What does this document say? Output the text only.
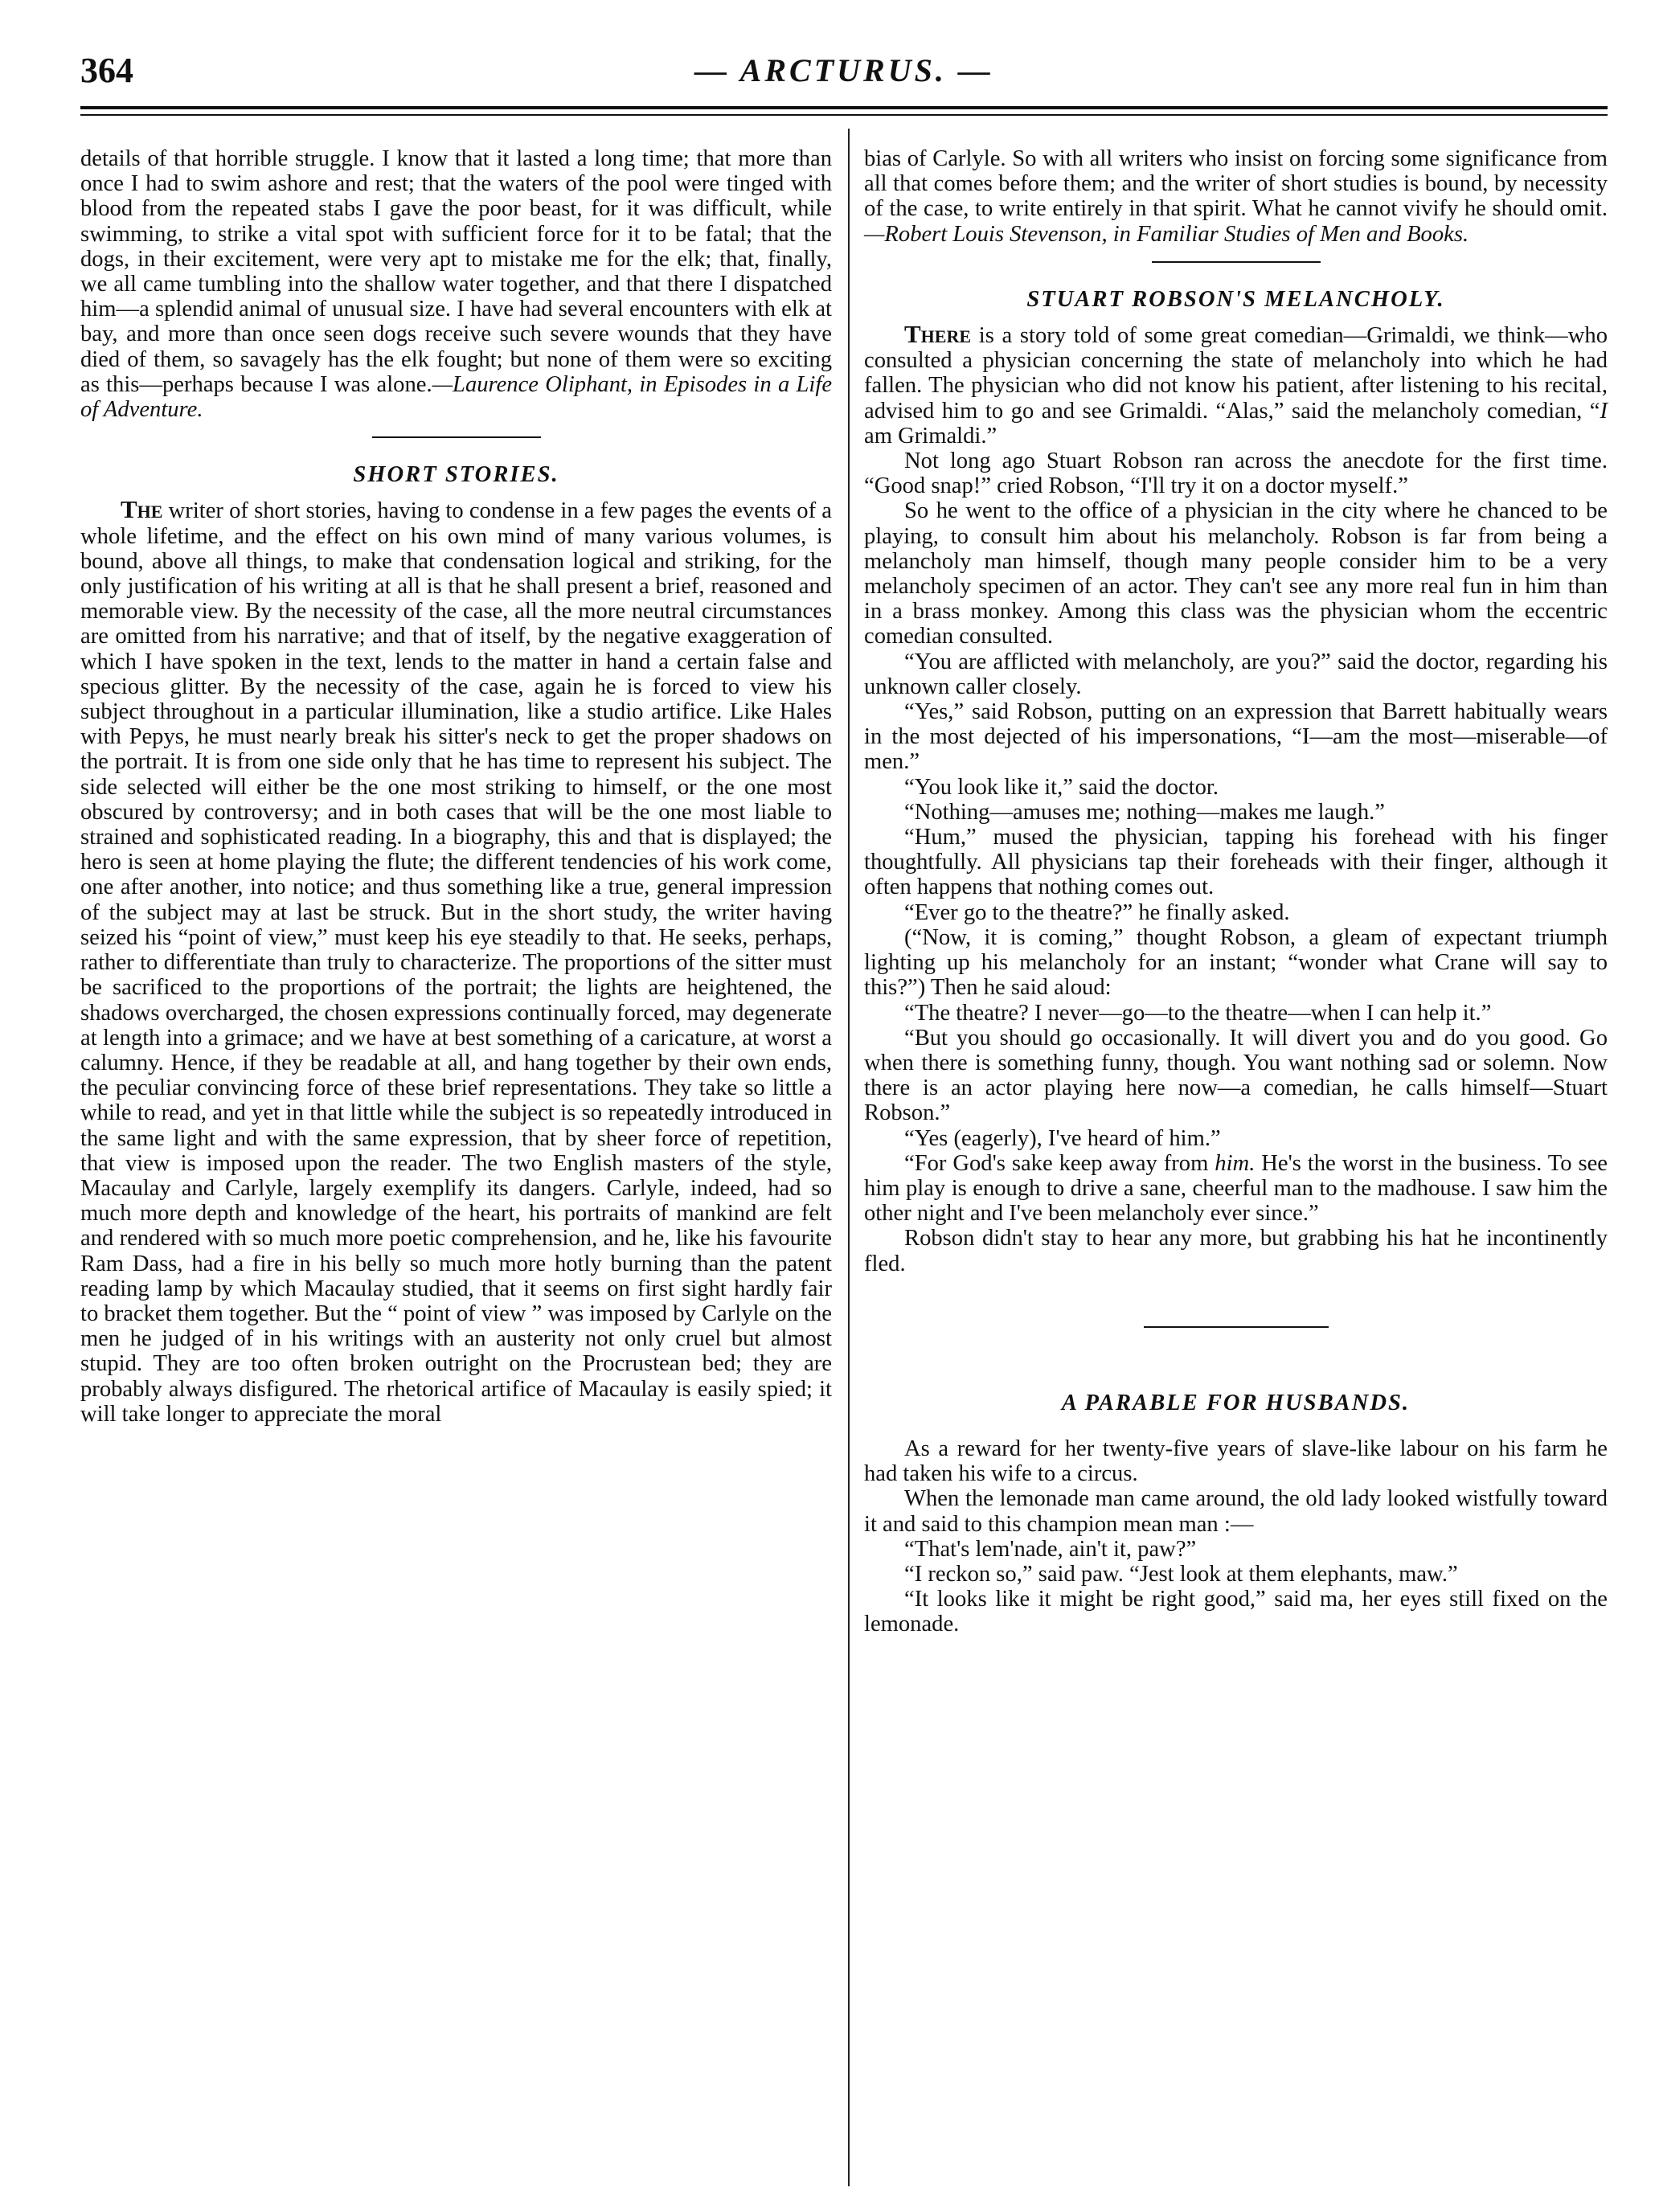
364	— ARCTURUS. —

details of that horrible struggle. I know that it lasted a long time; that more than once I had to swim ashore and rest; that the waters of the pool were tinged with blood from the repeated stabs I gave the poor beast, for it was difficult, while swimming, to strike a vital spot with sufficient force for it to be fatal; that the dogs, in their excitement, were very apt to mistake me for the elk; that, finally, we all came tumbling into the shallow water together, and that there I dispatched him—a splendid animal of unusual size. I have had several encounters with elk at bay, and more than once seen dogs receive such severe wounds that they have died of them, so savagely has the elk fought; but none of them were so exciting as this—perhaps because I was alone.—Laurence Oliphant, in Episodes in a Life of Adventure.

SHORT STORIES.

The writer of short stories, having to condense in a few pages the events of a whole lifetime, and the effect on his own mind of many various volumes, is bound, above all things, to make that condensation logical and striking, for the only justification of his writing at all is that he shall present a brief, reasoned and memorable view. By the necessity of the case, all the more neutral circumstances are omitted from his narrative; and that of itself, by the negative exaggeration of which I have spoken in the text, lends to the matter in hand a certain false and specious glitter. By the necessity of the case, again he is forced to view his subject throughout in a particular illumination, like a studio artifice. Like Hales with Pepys, he must nearly break his sitter's neck to get the proper shadows on the portrait. It is from one side only that he has time to represent his subject. The side selected will either be the one most striking to himself, or the one most obscured by controversy; and in both cases that will be the one most liable to strained and sophisticated reading. In a biography, this and that is displayed; the hero is seen at home playing the flute; the different tendencies of his work come, one after another, into notice; and thus something like a true, general impression of the subject may at last be struck. But in the short study, the writer having seized his “point of view,” must keep his eye steadily to that. He seeks, perhaps, rather to differentiate than truly to characterize. The proportions of the sitter must be sacrificed to the proportions of the portrait; the lights are heightened, the shadows overcharged, the chosen expressions continually forced, may degenerate at length into a grimace; and we have at best something of a caricature, at worst a calumny. Hence, if they be readable at all, and hang together by their own ends, the peculiar convincing force of these brief representations. They take so little a while to read, and yet in that little while the subject is so repeatedly introduced in the same light and with the same expression, that by sheer force of repetition, that view is imposed upon the reader. The two English masters of the style, Macaulay and Carlyle, largely exemplify its dangers. Carlyle, indeed, had so much more depth and knowledge of the heart, his portraits of mankind are felt and rendered with so much more poetic comprehension, and he, like his favourite Ram Dass, had a fire in his belly so much more hotly burning than the patent reading lamp by which Macaulay studied, that it seems on first sight hardly fair to bracket them together. But the “ point of view ” was imposed by Carlyle on the men he judged of in his writings with an austerity not only cruel but almost stupid. They are too often broken outright on the Procrustean bed; they are probably always disfigured. The rhetorical artifice of Macaulay is easily spied; it will take longer to appreciate the moral

bias of Carlyle. So with all writers who insist on forcing some significance from all that comes before them; and the writer of short studies is bound, by necessity of the case, to write entirely in that spirit. What he cannot vivify he should omit.—Robert Louis Stevenson, in Familiar Studies of Men and Books.

STUART ROBSON'S MELANCHOLY.

There is a story told of some great comedian—Grimaldi, we think—who consulted a physician concerning the state of melancholy into which he had fallen. The physician who did not know his patient, after listening to his recital, advised him to go and see Grimaldi. “Alas,” said the melancholy comedian, “I am Grimaldi.”

Not long ago Stuart Robson ran across the anecdote for the first time. “Good snap!” cried Robson, “I'll try it on a doctor myself.”

So he went to the office of a physician in the city where he chanced to be playing, to consult him about his melancholy. Robson is far from being a melancholy man himself, though many people consider him to be a very melancholy specimen of an actor. They can't see any more real fun in him than in a brass monkey. Among this class was the physician whom the eccentric comedian consulted.

“You are afflicted with melancholy, are you?” said the doctor, regarding his unknown caller closely.

“Yes,” said Robson, putting on an expression that Barrett habitually wears in the most dejected of his impersonations, “I—am the most—miserable—of men.”

“You look like it,” said the doctor.

“Nothing—amuses me; nothing—makes me laugh.”

“Hum,” mused the physician, tapping his forehead with his finger thoughtfully. All physicians tap their foreheads with their finger, although it often happens that nothing comes out.

“Ever go to the theatre?” he finally asked.

(“Now, it is coming,” thought Robson, a gleam of expectant triumph lighting up his melancholy for an instant; “wonder what Crane will say to this?”) Then he said aloud:

“The theatre? I never—go—to the theatre—when I can help it.”

“But you should go occasionally. It will divert you and do you good. Go when there is something funny, though. You want nothing sad or solemn. Now there is an actor playing here now—a comedian, he calls himself—Stuart Robson.”

“Yes (eagerly), I've heard of him.”

“For God's sake keep away from him. He's the worst in the business. To see him play is enough to drive a sane, cheerful man to the madhouse. I saw him the other night and I've been melancholy ever since.”

Robson didn't stay to hear any more, but grabbing his hat he incontinently fled.

A PARABLE FOR HUSBANDS.

As a reward for her twenty-five years of slave-like labour on his farm he had taken his wife to a circus.

When the lemonade man came around, the old lady looked wistfully toward it and said to this champion mean man :—

“That's lem'nade, ain't it, paw?”

“I reckon so,” said paw. “Jest look at them elephants, maw.”

“It looks like it might be right good,” said ma, her eyes still fixed on the lemonade.
